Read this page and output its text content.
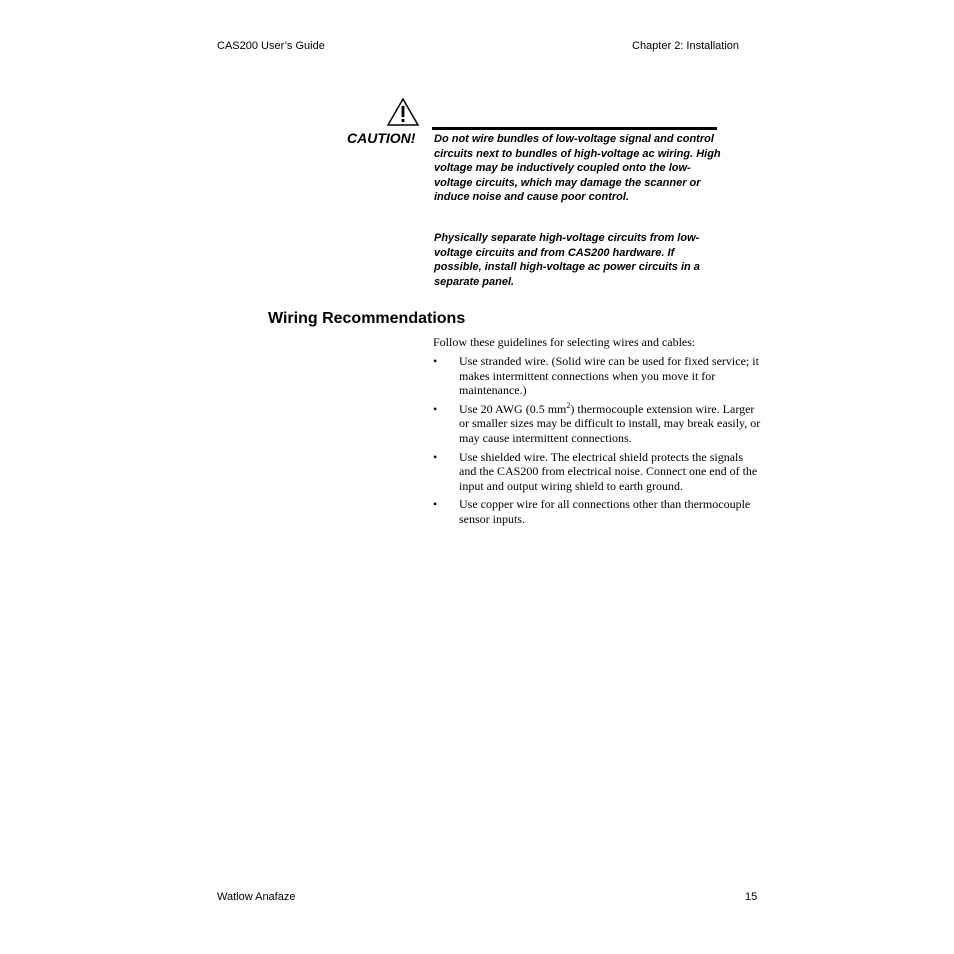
CAS200 User’s Guide	Chapter 2: Installation
CAUTION! Do not wire bundles of low-voltage signal and control circuits next to bundles of high-voltage ac wiring. High voltage may be inductively coupled onto the low-voltage circuits, which may damage the scanner or induce noise and cause poor control.
Physically separate high-voltage circuits from low-voltage circuits and from CAS200 hardware. If possible, install high-voltage ac power circuits in a separate panel.
Wiring Recommendations
Follow these guidelines for selecting wires and cables:
• Use stranded wire. (Solid wire can be used for fixed service; it makes intermittent connections when you move it for maintenance.)
• Use 20 AWG (0.5 $mm^2$) thermocouple extension wire. Larger or smaller sizes may be difficult to install, may break easily, or may cause intermittent connections.
• Use shielded wire. The electrical shield protects the signals and the CAS200 from electrical noise. Connect one end of the input and output wiring shield to earth ground.
• Use copper wire for all connections other than thermocouple sensor inputs.
Watlow Anafaze	15
